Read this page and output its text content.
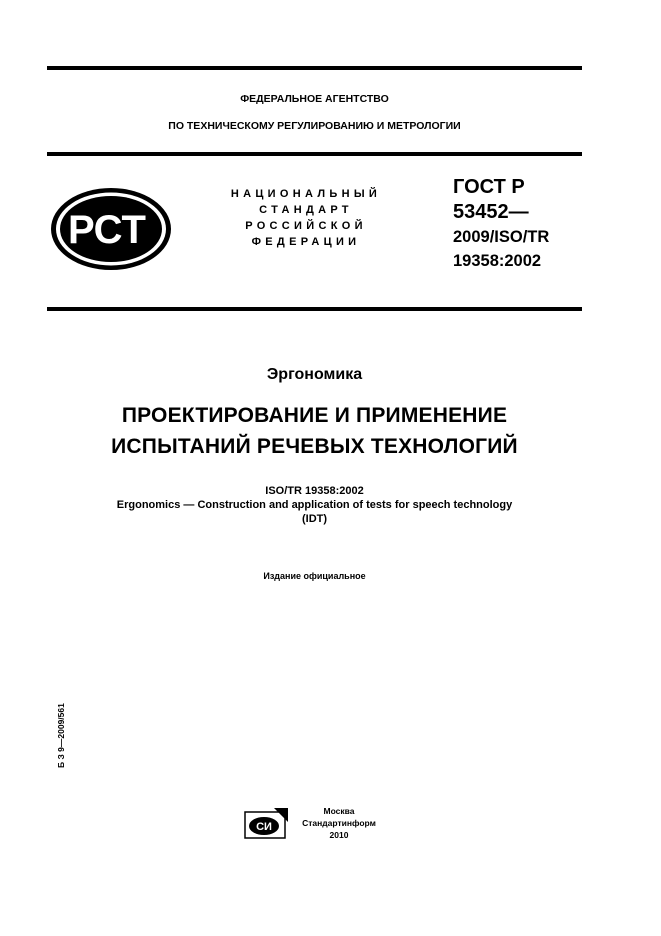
ФЕДЕРАЛЬНОЕ АГЕНТСТВО
ПО ТЕХНИЧЕСКОМУ РЕГУЛИРОВАНИЮ И МЕТРОЛОГИИ
РСТ
НАЦИОНАЛЬНЫЙ
СТАНДАРТ
РОССИЙСКОЙ
ФЕДЕРАЦИИ
ГОСТ Р
53452—
2009/ISO/TR
19358:2002
Эргономика
ПРОЕКТИРОВАНИЕ И ПРИМЕНЕНИЕ
ИСПЫТАНИЙ РЕЧЕВЫХ ТЕХНОЛОГИЙ
ISO/TR 19358:2002
Ergonomics — Construction and application of tests for speech technology
(IDT)
Издание официальное
Б З 9—2009/561
СИ
Москва
Стандартинформ
2010
